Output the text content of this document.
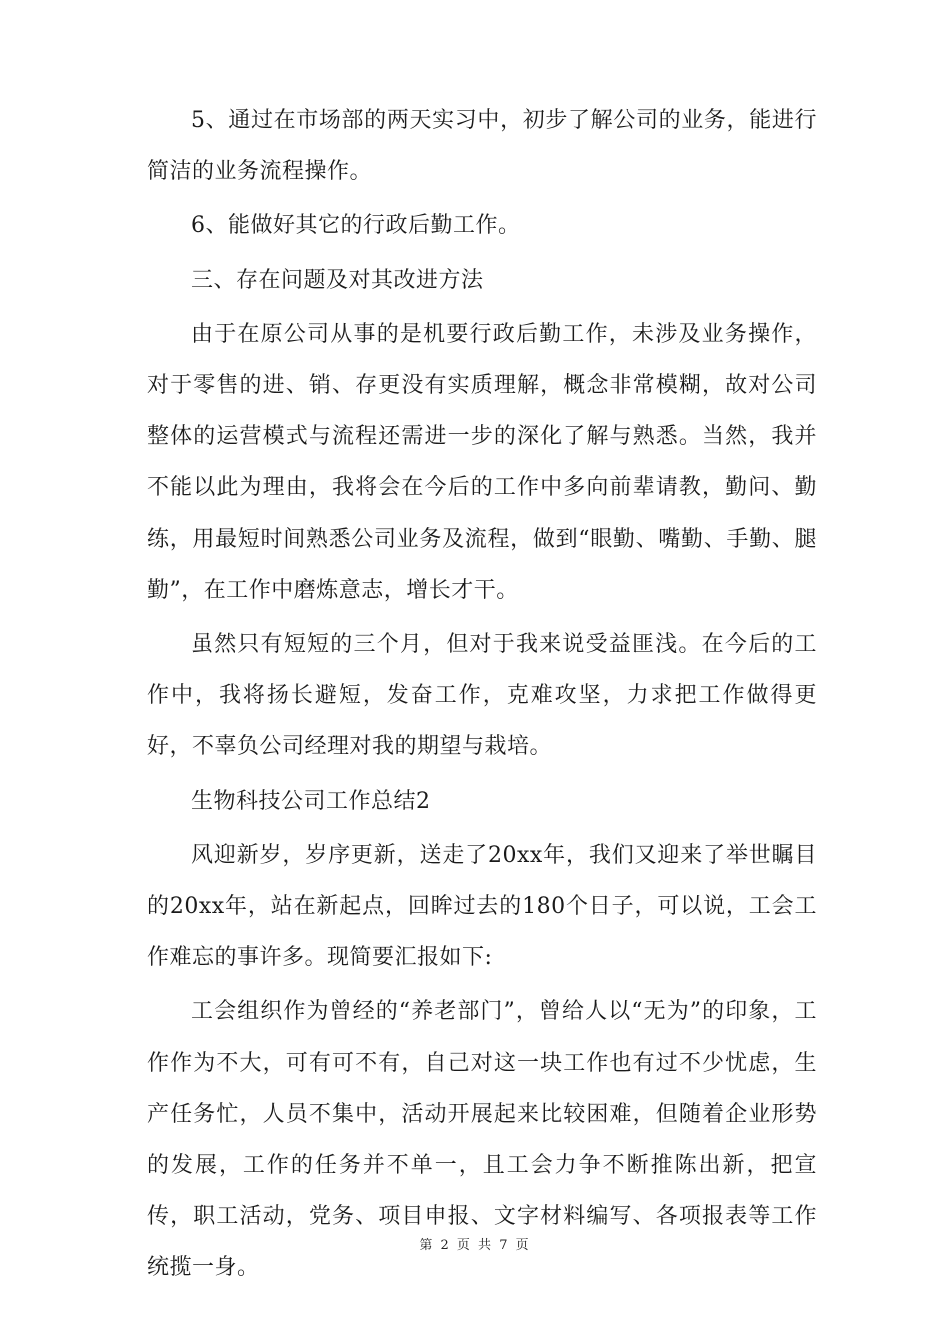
5、通过在市场部的两天实习中，初步了解公司的业务，能进行简洁的业务流程操作。

6、能做好其它的行政后勤工作。

三、存在问题及对其改进方法

由于在原公司从事的是机要行政后勤工作，未涉及业务操作，对于零售的进、销、存更没有实质理解，概念非常模糊，故对公司整体的运营模式与流程还需进一步的深化了解与熟悉。当然，我并不能以此为理由，我将会在今后的工作中多向前辈请教，勤问、勤练，用最短时间熟悉公司业务及流程，做到“眼勤、嘴勤、手勤、腿勤”，在工作中磨炼意志，增长才干。

虽然只有短短的三个月，但对于我来说受益匪浅。在今后的工作中，我将扬长避短，发奋工作，克难攻坚，力求把工作做得更好，不辜负公司经理对我的期望与栽培。

生物科技公司工作总结2

风迎新岁，岁序更新，送走了20xx年，我们又迎来了举世瞩目的20xx年，站在新起点，回眸过去的180个日子，可以说，工会工作难忘的事许多。现简要汇报如下:

工会组织作为曾经的“养老部门”，曾给人以“无为”的印象，工作作为不大，可有可不有，自己对这一块工作也有过不少忧虑，生产任务忙，人员不集中，活动开展起来比较困难，但随着企业形势的发展，工作的任务并不单一，且工会力争不断推陈出新，把宣传，职工活动，党务、项目申报、文字材料编写、各项报表等工作统揽一身。

第 2 页 共 7 页
